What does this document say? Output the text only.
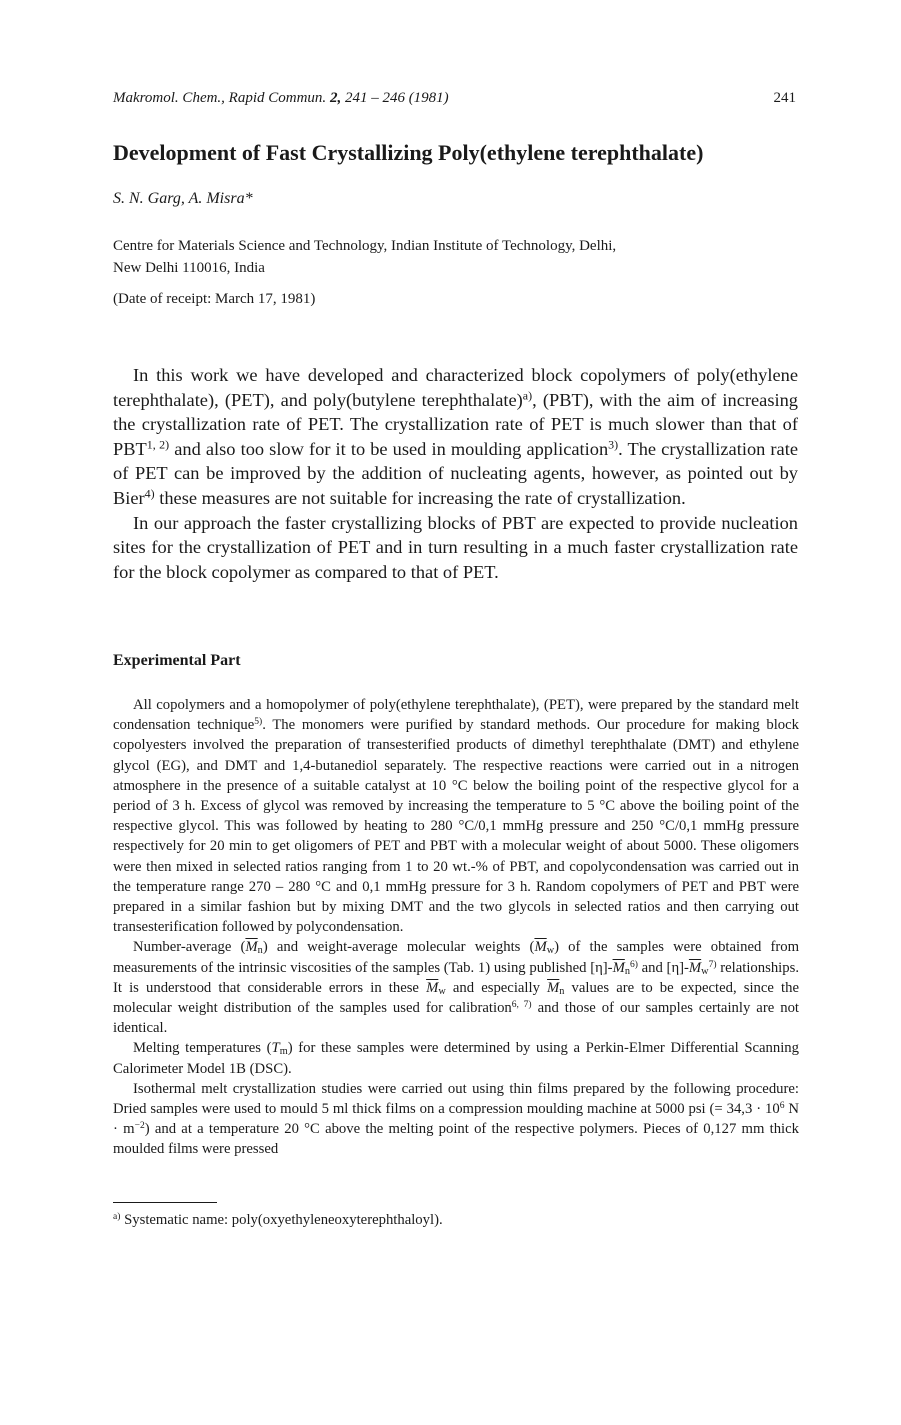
Makromol. Chem., Rapid Commun. 2, 241 – 246 (1981)	241
Development of Fast Crystallizing Poly(ethylene terephthalate)
S. N. Garg, A. Misra*
Centre for Materials Science and Technology, Indian Institute of Technology, Delhi,
New Delhi 110016, India
(Date of receipt: March 17, 1981)

In this work we have developed and characterized block copolymers of poly(ethylene terephthalate), (PET), and poly(butylene terephthalate)$^{a)}$, (PBT), with the aim of increasing the crystallization rate of PET. The crystallization rate of PET is much slower than that of PBT$^{1, 2)}$ and also too slow for it to be used in moulding application$^{3)}$. The crystallization rate of PET can be improved by the addition of nucleating agents, however, as pointed out by Bier$^{4)}$ these measures are not suitable for increasing the rate of crystallization.

In our approach the faster crystallizing blocks of PBT are expected to provide nucleation sites for the crystallization of PET and in turn resulting in a much faster crystallization rate for the block copolymer as compared to that of PET.

Experimental Part

All copolymers and a homopolymer of poly(ethylene terephthalate), (PET), were prepared by the standard melt condensation technique$^{5)}$. The monomers were purified by standard methods. Our procedure for making block copolyesters involved the preparation of transesterified products of dimethyl terephthalate (DMT) and ethylene glycol (EG), and DMT and 1,4-butanediol separately. The respective reactions were carried out in a nitrogen atmosphere in the presence of a suitable catalyst at 10 °C below the boiling point of the respective glycol for a period of 3 h. Excess of glycol was removed by increasing the temperature to 5 °C above the boiling point of the respective glycol. This was followed by heating to 280 °C/0,1 mmHg pressure and 250 °C/0,1 mmHg pressure respectively for 20 min to get oligomers of PET and PBT with a molecular weight of about 5000. These oligomers were then mixed in selected ratios ranging from 1 to 20 wt.-% of PBT, and copolycondensation was carried out in the temperature range 270 – 280 °C and 0,1 mmHg pressure for 3 h. Random copolymers of PET and PBT were prepared in a similar fashion but by mixing DMT and the two glycols in selected ratios and then carrying out transesterification followed by polycondensation.

Number-average $(\overline{M}_n)$ and weight-average molecular weights $(\overline{M}_w)$ of the samples were obtained from measurements of the intrinsic viscosities of the samples (Tab. 1) using published $[\eta]-\overline{M}_n^{6)}$ and $[\eta]-\overline{M}_w^{7)}$ relationships. It is understood that considerable errors in these $\overline{M}_w$ and especially $\overline{M}_n$ values are to be expected, since the molecular weight distribution of the samples used for calibration$^{6, 7)}$ and those of our samples certainly are not identical.

Melting temperatures $(T_m)$ for these samples were determined by using a Perkin-Elmer Differential Scanning Calorimeter Model 1B (DSC).

Isothermal melt crystallization studies were carried out using thin films prepared by the following procedure: Dried samples were used to mould 5 ml thick films on a compression moulding machine at 5000 psi (= $34,3 \cdot 10^6$ $N \cdot m^{-2}$) and at a temperature 20 °C above the melting point of the respective polymers. Pieces of 0,127 mm thick moulded films were pressed

$^{a)}$ Systematic name: poly(oxyethyleneoxyterephthaloyl).
